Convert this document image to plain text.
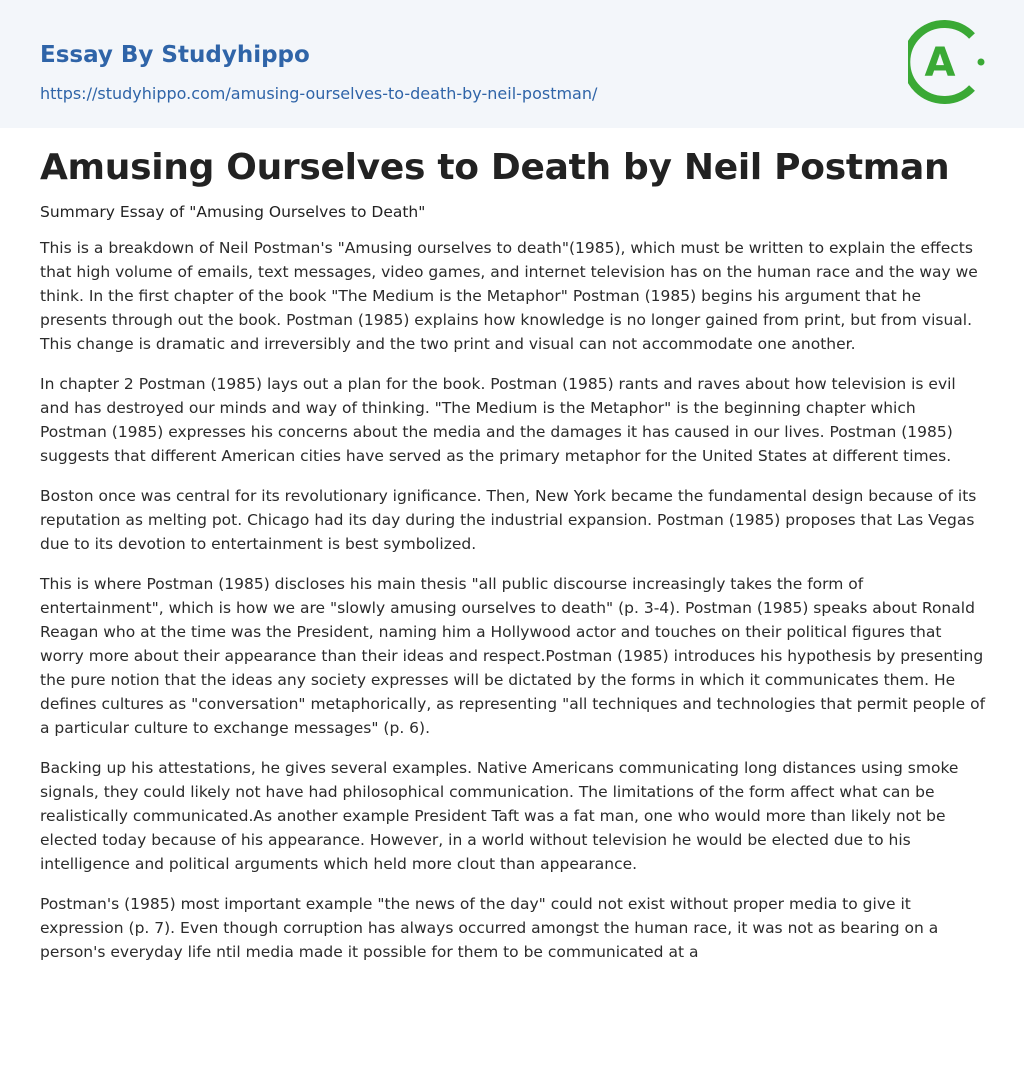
Essay By Studyhippo
https://studyhippo.com/amusing-ourselves-to-death-by-neil-postman/
A
Amusing Ourselves to Death by Neil Postman
Summary Essay of "Amusing Ourselves to Death"

This is a breakdown of Neil Postman's "Amusing ourselves to death"(1985), which must be written to explain the effects that high volume of emails, text messages, video games, and internet television has on the human race and the way we think. In the first chapter of the book "The Medium is the Metaphor" Postman (1985) begins his argument that he presents through out the book. Postman (1985) explains how knowledge is no longer gained from print, but from visual. This change is dramatic and irreversibly and the two print and visual can not accommodate one another.

In chapter 2 Postman (1985) lays out a plan for the book. Postman (1985) rants and raves about how television is evil and has destroyed our minds and way of thinking. "The Medium is the Metaphor" is the beginning chapter which Postman (1985) expresses his concerns about the media and the damages it has caused in our lives. Postman (1985) suggests that different American cities have served as the primary metaphor for the United States at different times.

Boston once was central for its revolutionary ignificance. Then, New York became the fundamental design because of its reputation as melting pot. Chicago had its day during the industrial expansion. Postman (1985) proposes that Las Vegas due to its devotion to entertainment is best symbolized.

This is where Postman (1985) discloses his main thesis "all public discourse increasingly takes the form of entertainment", which is how we are "slowly amusing ourselves to death" (p. 3-4). Postman (1985) speaks about Ronald Reagan who at the time was the President, naming him a Hollywood actor and touches on their political figures that worry more about their appearance than their ideas and respect.Postman (1985) introduces his hypothesis by presenting the pure notion that the ideas any society expresses will be dictated by the forms in which it communicates them. He defines cultures as "conversation" metaphorically, as representing "all techniques and technologies that permit people of a particular culture to exchange messages" (p. 6).

Backing up his attestations, he gives several examples. Native Americans communicating long distances using smoke signals, they could likely not have had philosophical communication. The limitations of the form affect what can be realistically communicated.As another example President Taft was a fat man, one who would more than likely not be elected today because of his appearance. However, in a world without television he would be elected due to his intelligence and political arguments which held more clout than appearance.

Postman's (1985) most important example "the news of the day" could not exist without proper media to give it expression (p. 7). Even though corruption has always occurred amongst the human race, it was not as bearing on a person's everyday life ntil media made it possible for them to be communicated at a
